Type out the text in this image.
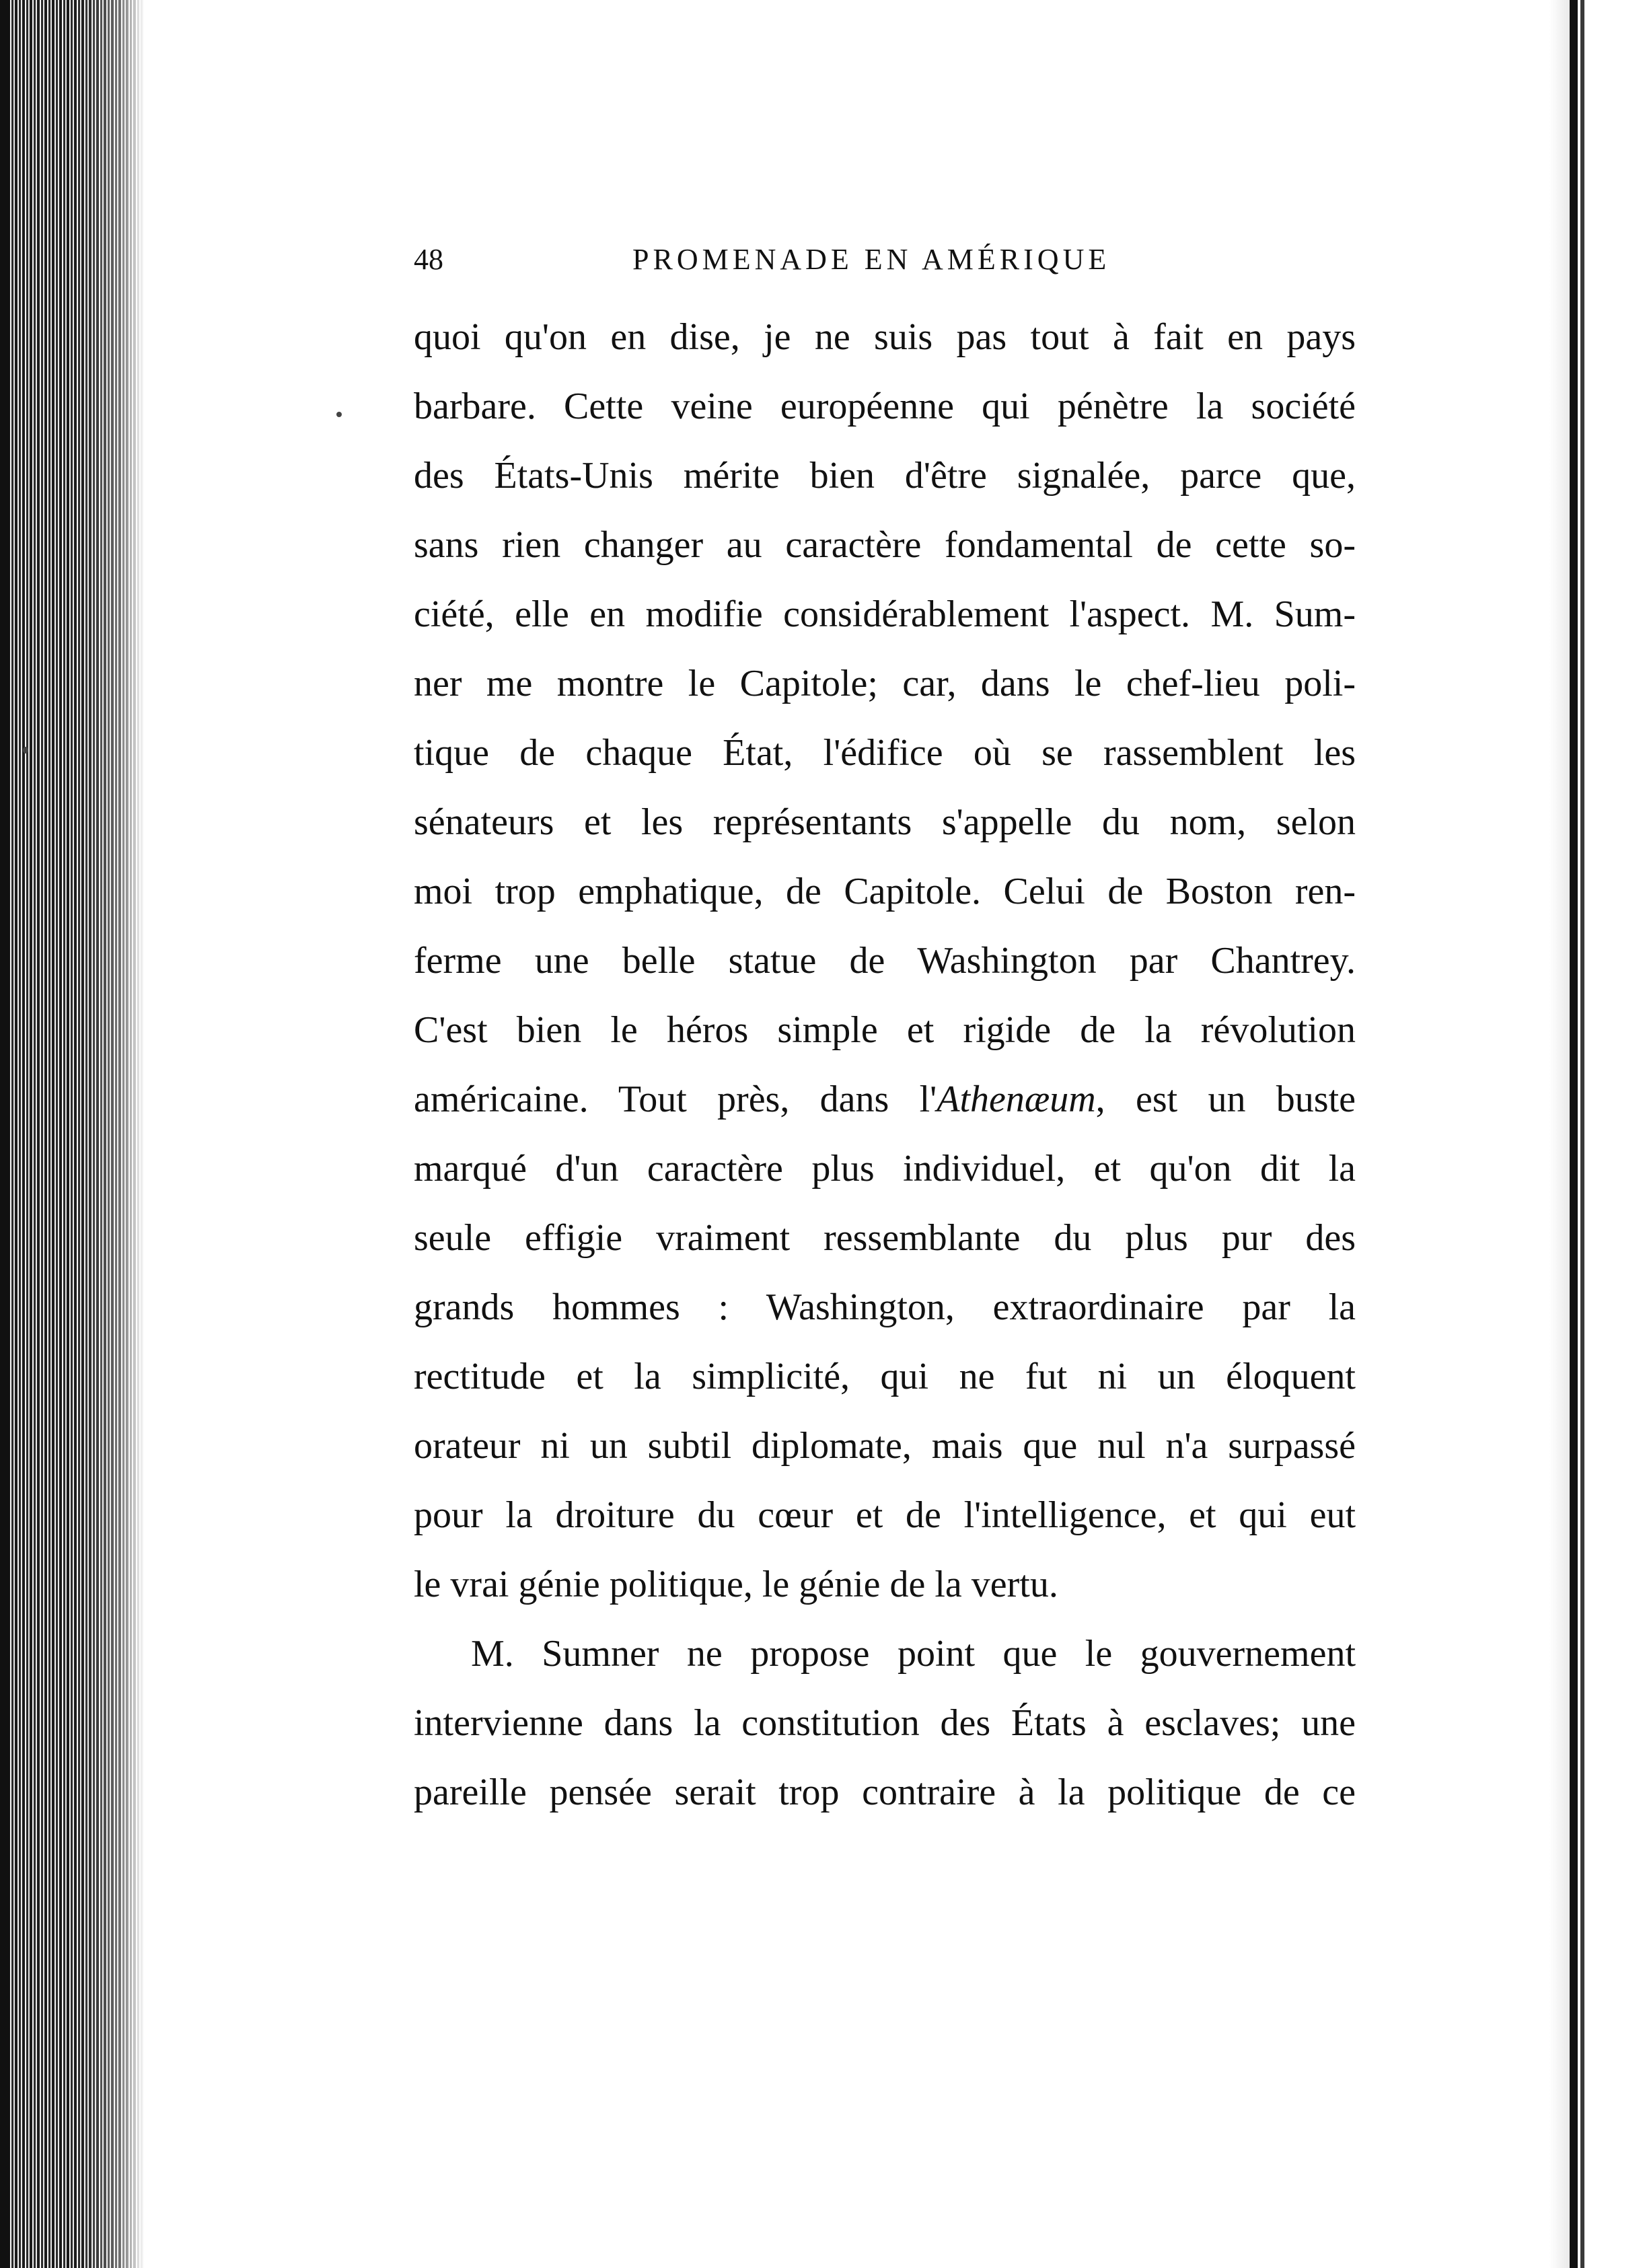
48	PROMENADE EN AMÉRIQUE
quoi qu'on en dise, je ne suis pas tout à fait en pays
barbare. Cette veine européenne qui pénètre la société
des États-Unis mérite bien d'être signalée, parce que,
sans rien changer au caractère fondamental de cette so-
ciété, elle en modifie considérablement l'aspect. M. Sum-
ner me montre le Capitole; car, dans le chef-lieu poli-
tique de chaque État, l'édifice où se rassemblent les
sénateurs et les représentants s'appelle du nom, selon
moi trop emphatique, de Capitole. Celui de Boston ren-
ferme une belle statue de Washington par Chantrey.
C'est bien le héros simple et rigide de la révolution
américaine. Tout près, dans l'Athenæum, est un buste
marqué d'un caractère plus individuel, et qu'on dit la
seule effigie vraiment ressemblante du plus pur des
grands hommes : Washington, extraordinaire par la
rectitude et la simplicité, qui ne fut ni un éloquent
orateur ni un subtil diplomate, mais que nul n'a surpassé
pour la droiture du cœur et de l'intelligence, et qui eut
le vrai génie politique, le génie de la vertu.
M. Sumner ne propose point que le gouvernement
intervienne dans la constitution des États à esclaves; une
pareille pensée serait trop contraire à la politique de ce
